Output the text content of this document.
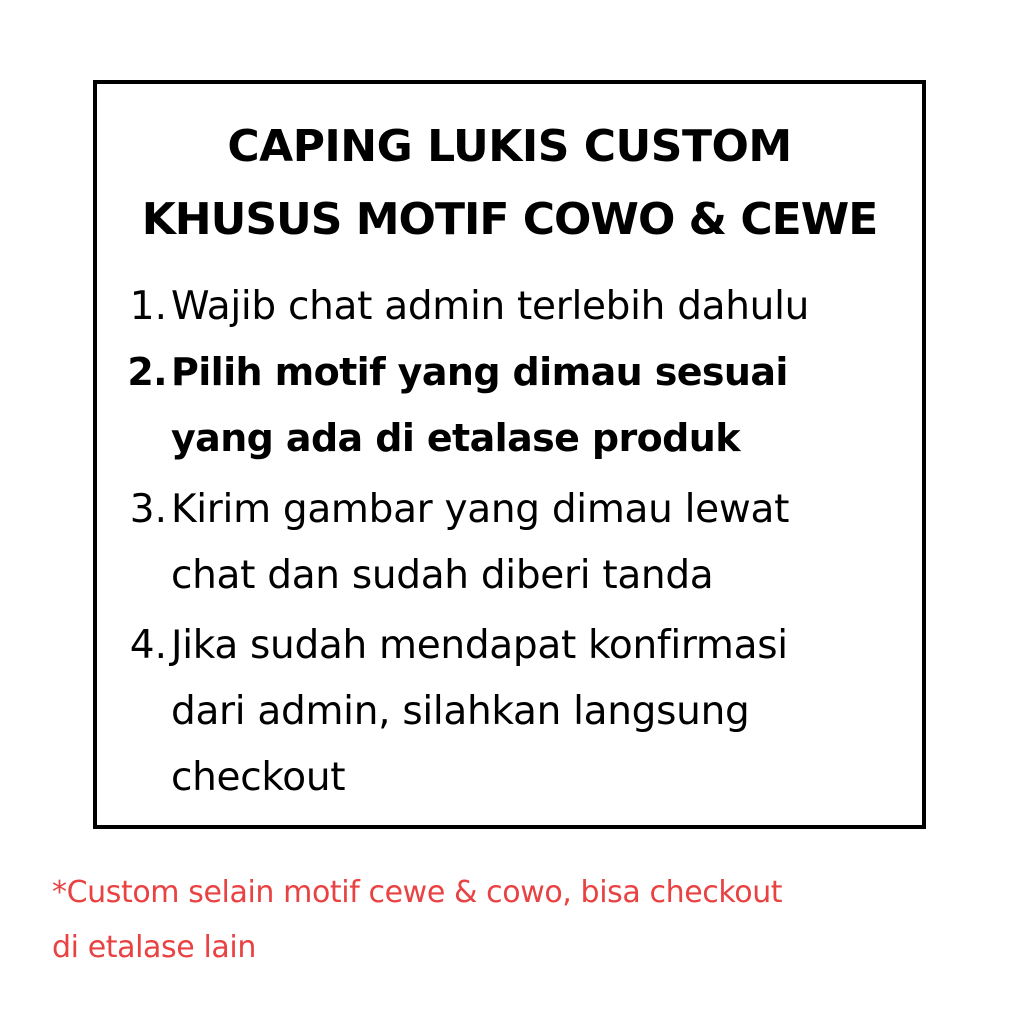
CAPING LUKIS CUSTOM
KHUSUS MOTIF COWO & CEWE
1. Wajib chat admin terlebih dahulu
2. Pilih motif yang dimau sesuai
yang ada di etalase produk
3. Kirim gambar yang dimau lewat
chat dan sudah diberi tanda
4. Jika sudah mendapat konfirmasi
dari admin, silahkan langsung
checkout
*Custom selain motif cewe & cowo, bisa checkout
di etalase lain
